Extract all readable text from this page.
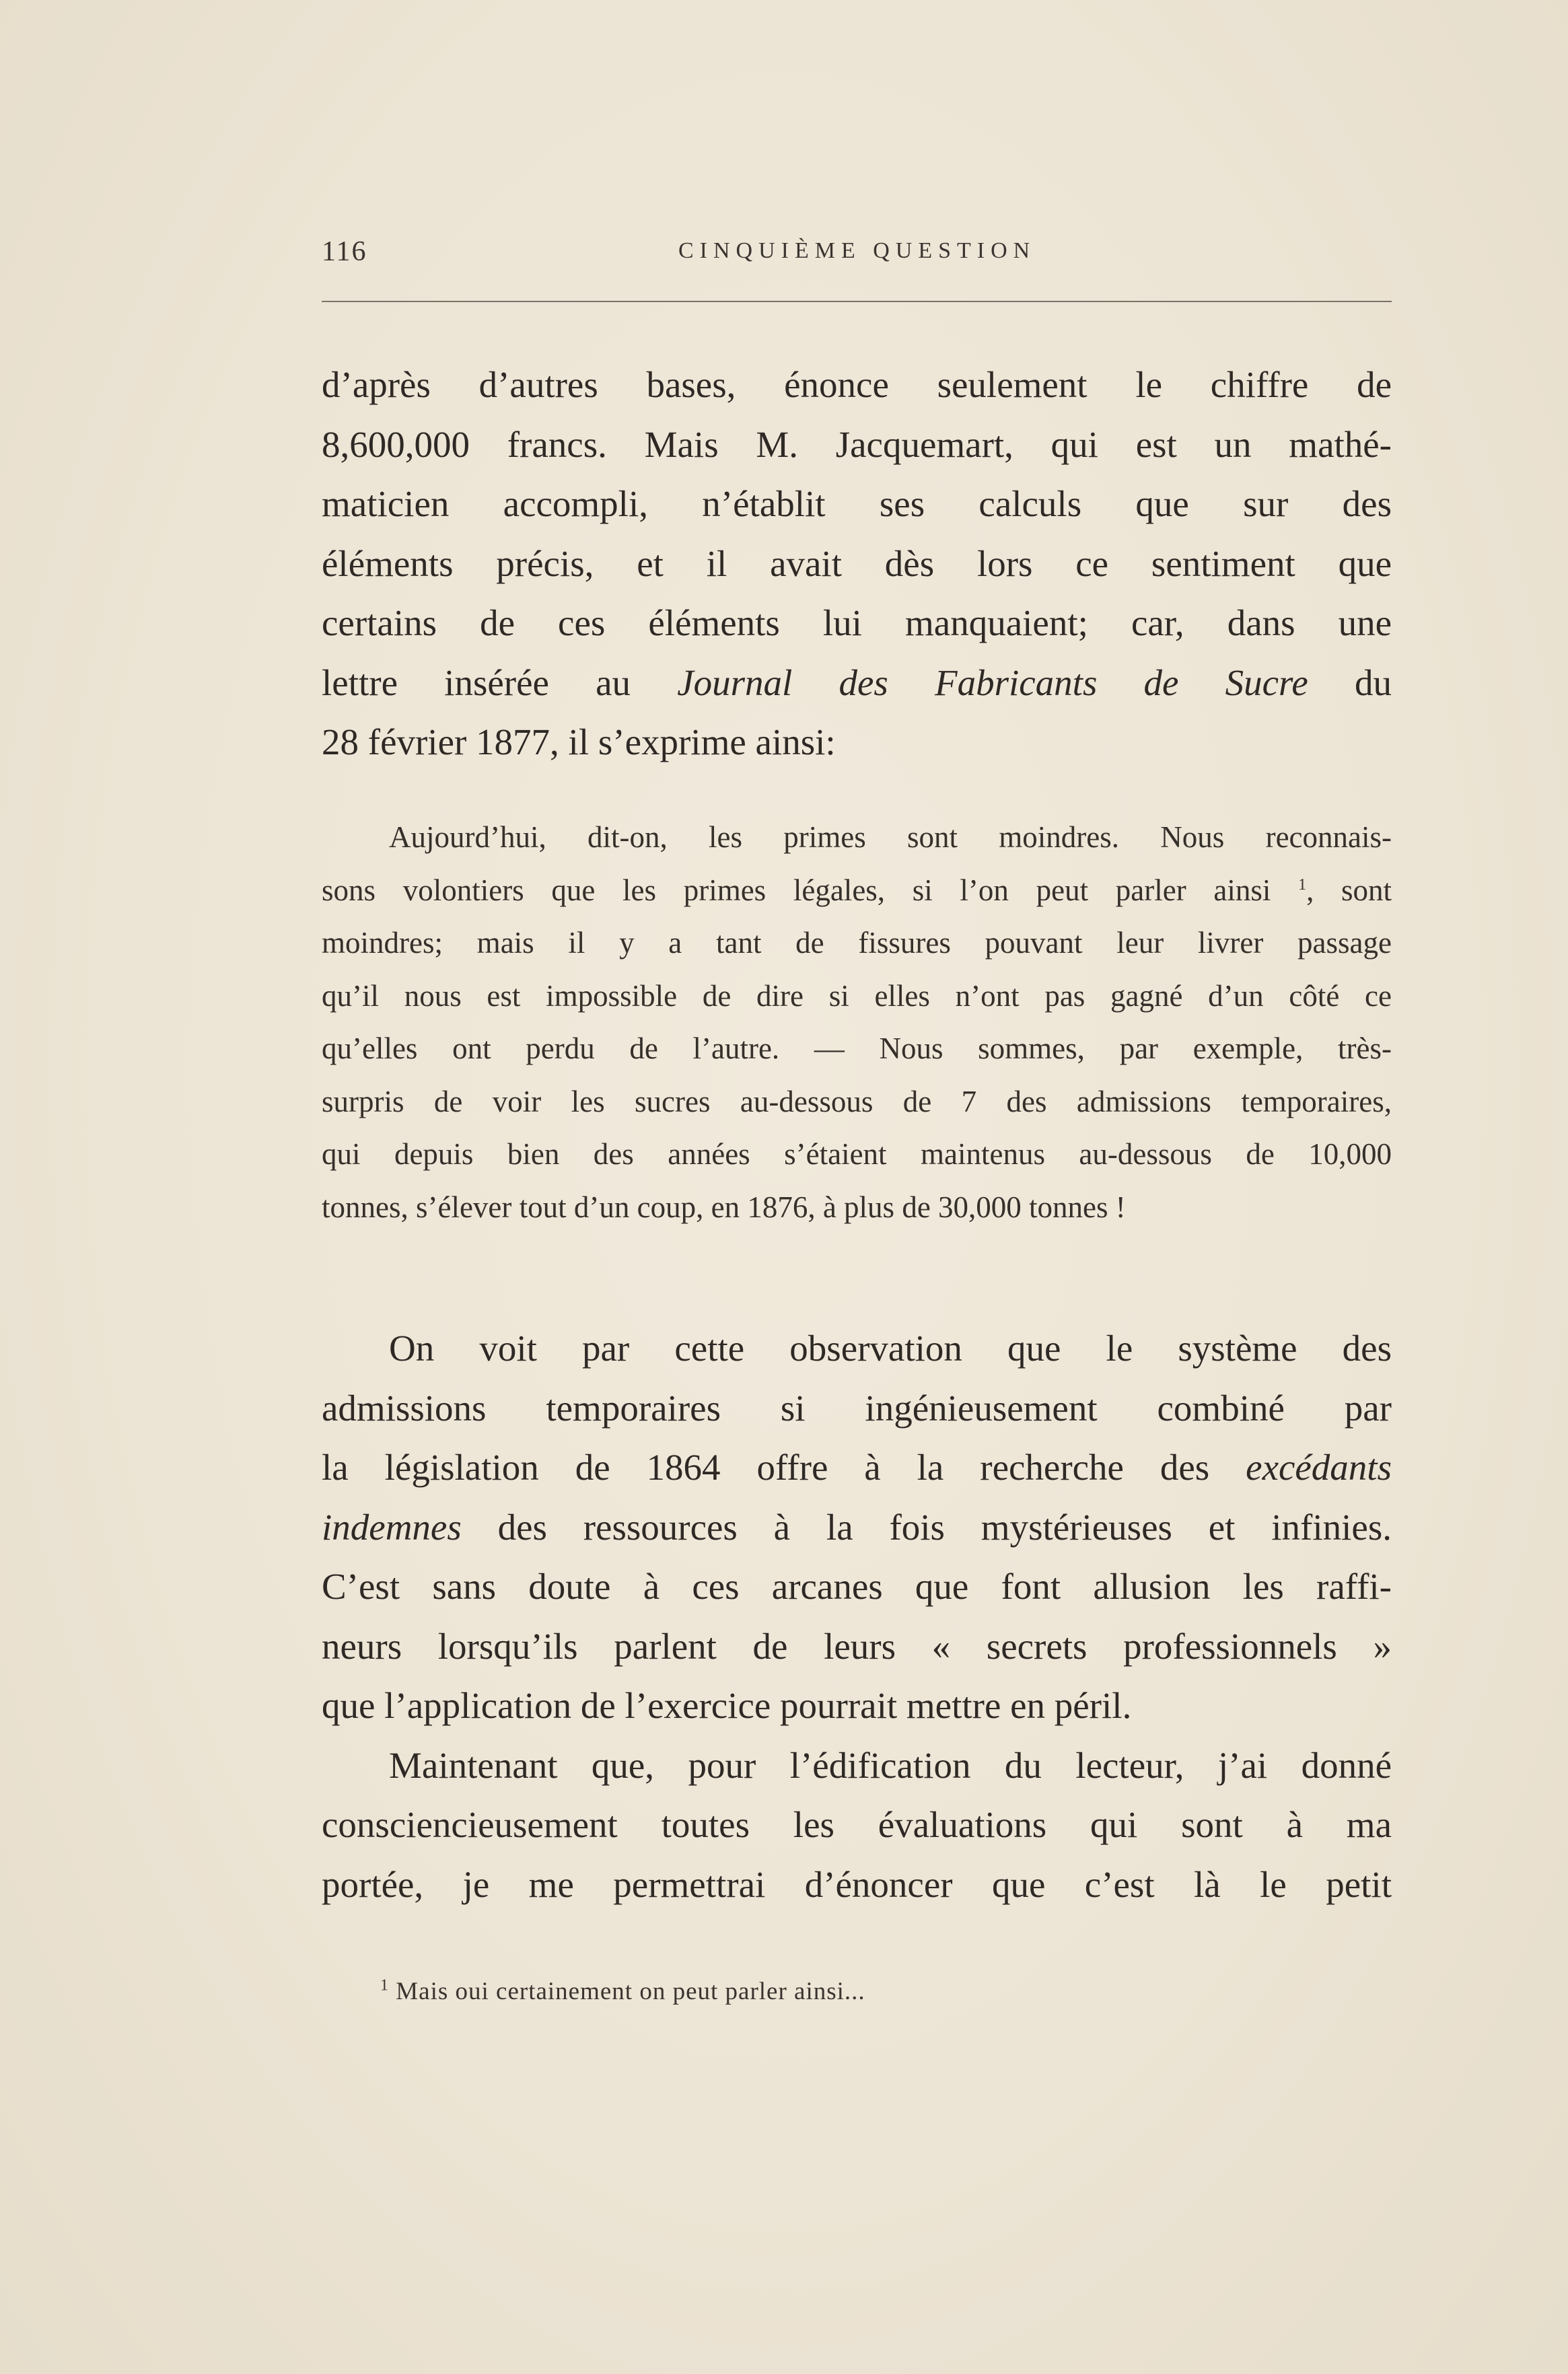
116	CINQUIÈME QUESTION
d’après d’autres bases, énonce seulement le chiffre de
8,600,000 francs. Mais M. Jacquemart, qui est un mathé-
maticien accompli, n’établit ses calculs que sur des
éléments précis, et il avait dès lors ce sentiment que
certains de ces éléments lui manquaient; car, dans une
lettre insérée au Journal des Fabricants de Sucre du
28 février 1877, il s’exprime ainsi:
Aujourd’hui, dit-on, les primes sont moindres. Nous reconnais-
sons volontiers que les primes légales, si l’on peut parler ainsi $^1$, sont
moindres; mais il y a tant de fissures pouvant leur livrer passage
qu’il nous est impossible de dire si elles n’ont pas gagné d’un côté ce
qu’elles ont perdu de l’autre. — Nous sommes, par exemple, très-
surpris de voir les sucres au-dessous de 7 des admissions temporaires,
qui depuis bien des années s’étaient maintenus au-dessous de 10,000
tonnes, s’élever tout d’un coup, en 1876, à plus de 30,000 tonnes !
On voit par cette observation que le système des
admissions temporaires si ingénieusement combiné par
la législation de 1864 offre à la recherche des excédants
indemnes des ressources à la fois mystérieuses et infinies.
C’est sans doute à ces arcanes que font allusion les raffi-
neurs lorsqu’ils parlent de leurs « secrets professionnels »
que l’application de l’exercice pourrait mettre en péril.
Maintenant que, pour l’édification du lecteur, j’ai donné
consciencieusement toutes les évaluations qui sont à ma
portée, je me permettrai d’énoncer que c’est là le petit
$^1$ Mais oui certainement on peut parler ainsi...
